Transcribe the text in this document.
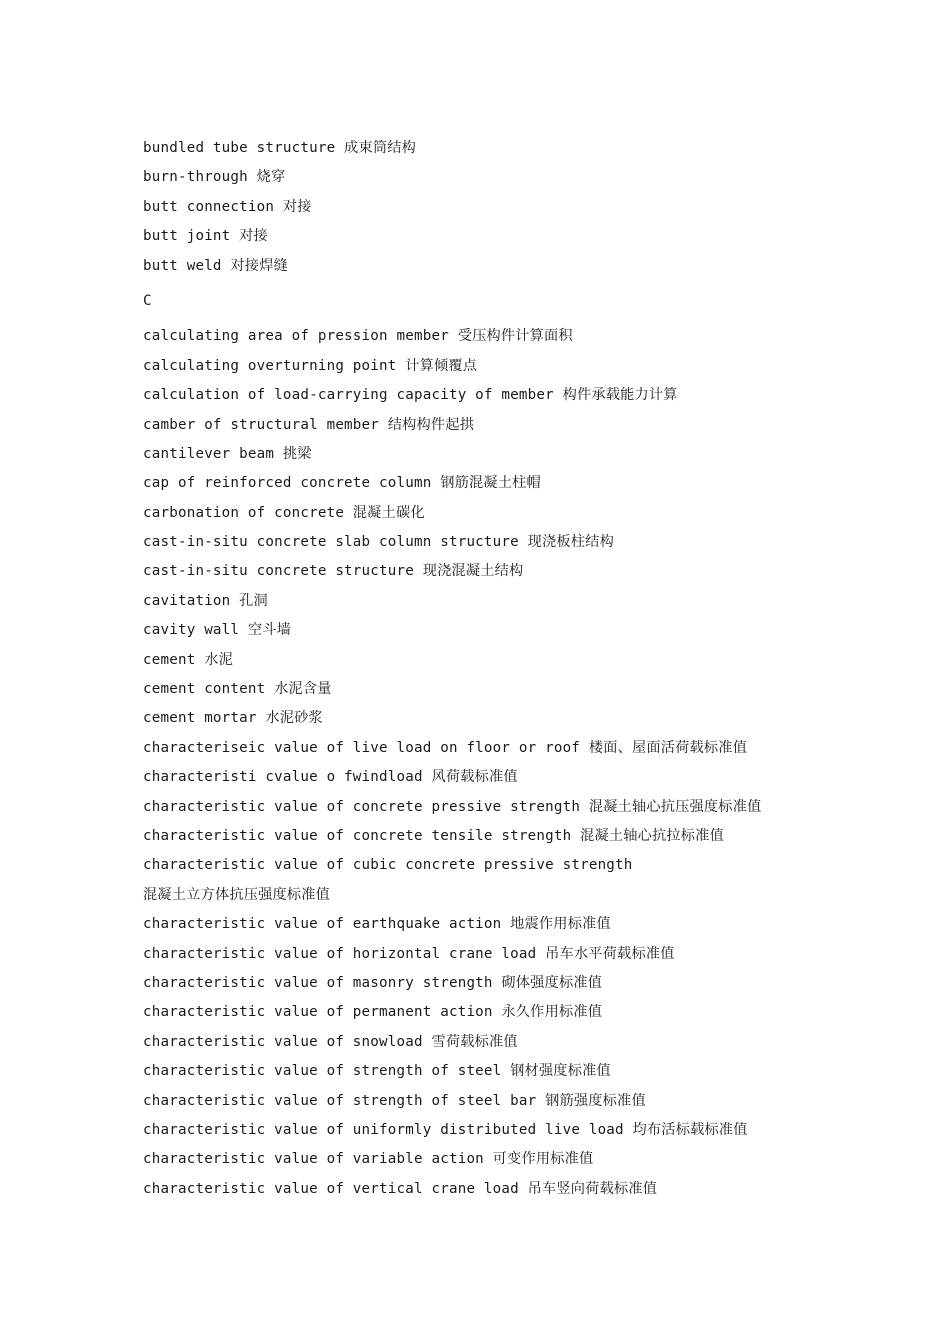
bundled tube structure 成束筒结构
burn-through 烧穿
butt connection 对接
butt joint 对接
butt weld 对接焊缝
C
calculating area of pression member 受压构件计算面积
calculating overturning point 计算倾覆点
calculation of load-carrying capacity of member 构件承载能力计算
camber of structural member 结构构件起拱
cantilever beam 挑梁
cap of reinforced concrete column 钢筋混凝土柱帽
carbonation of concrete 混凝土碳化
cast-in-situ concrete slab column structure 现浇板柱结构
cast-in-situ concrete structure 现浇混凝土结构
cavitation 孔洞
cavity wall 空斗墙
cement 水泥
cement content 水泥含量
cement mortar 水泥砂浆
characteriseic value of live load on floor or roof 楼面、屋面活荷载标准值
characteristi cvalue o fwindload 风荷载标准值
characteristic value of concrete pressive strength 混凝土轴心抗压强度标准值
characteristic value of concrete tensile strength 混凝土轴心抗拉标准值
characteristic value of cubic concrete pressive strength
混凝土立方体抗压强度标准值
characteristic value of earthquake action 地震作用标准值
characteristic value of horizontal crane load 吊车水平荷载标准值
characteristic value of masonry strength 砌体强度标准值
characteristic value of permanent action 永久作用标准值
characteristic value of snowload 雪荷载标准值
characteristic value of strength of steel 钢材强度标准值
characteristic value of strength of steel bar 钢筋强度标准值
characteristic value of uniformly distributed live load 均布活标载标准值
characteristic value of variable action 可变作用标准值
characteristic value of vertical crane load 吊车竖向荷载标准值
